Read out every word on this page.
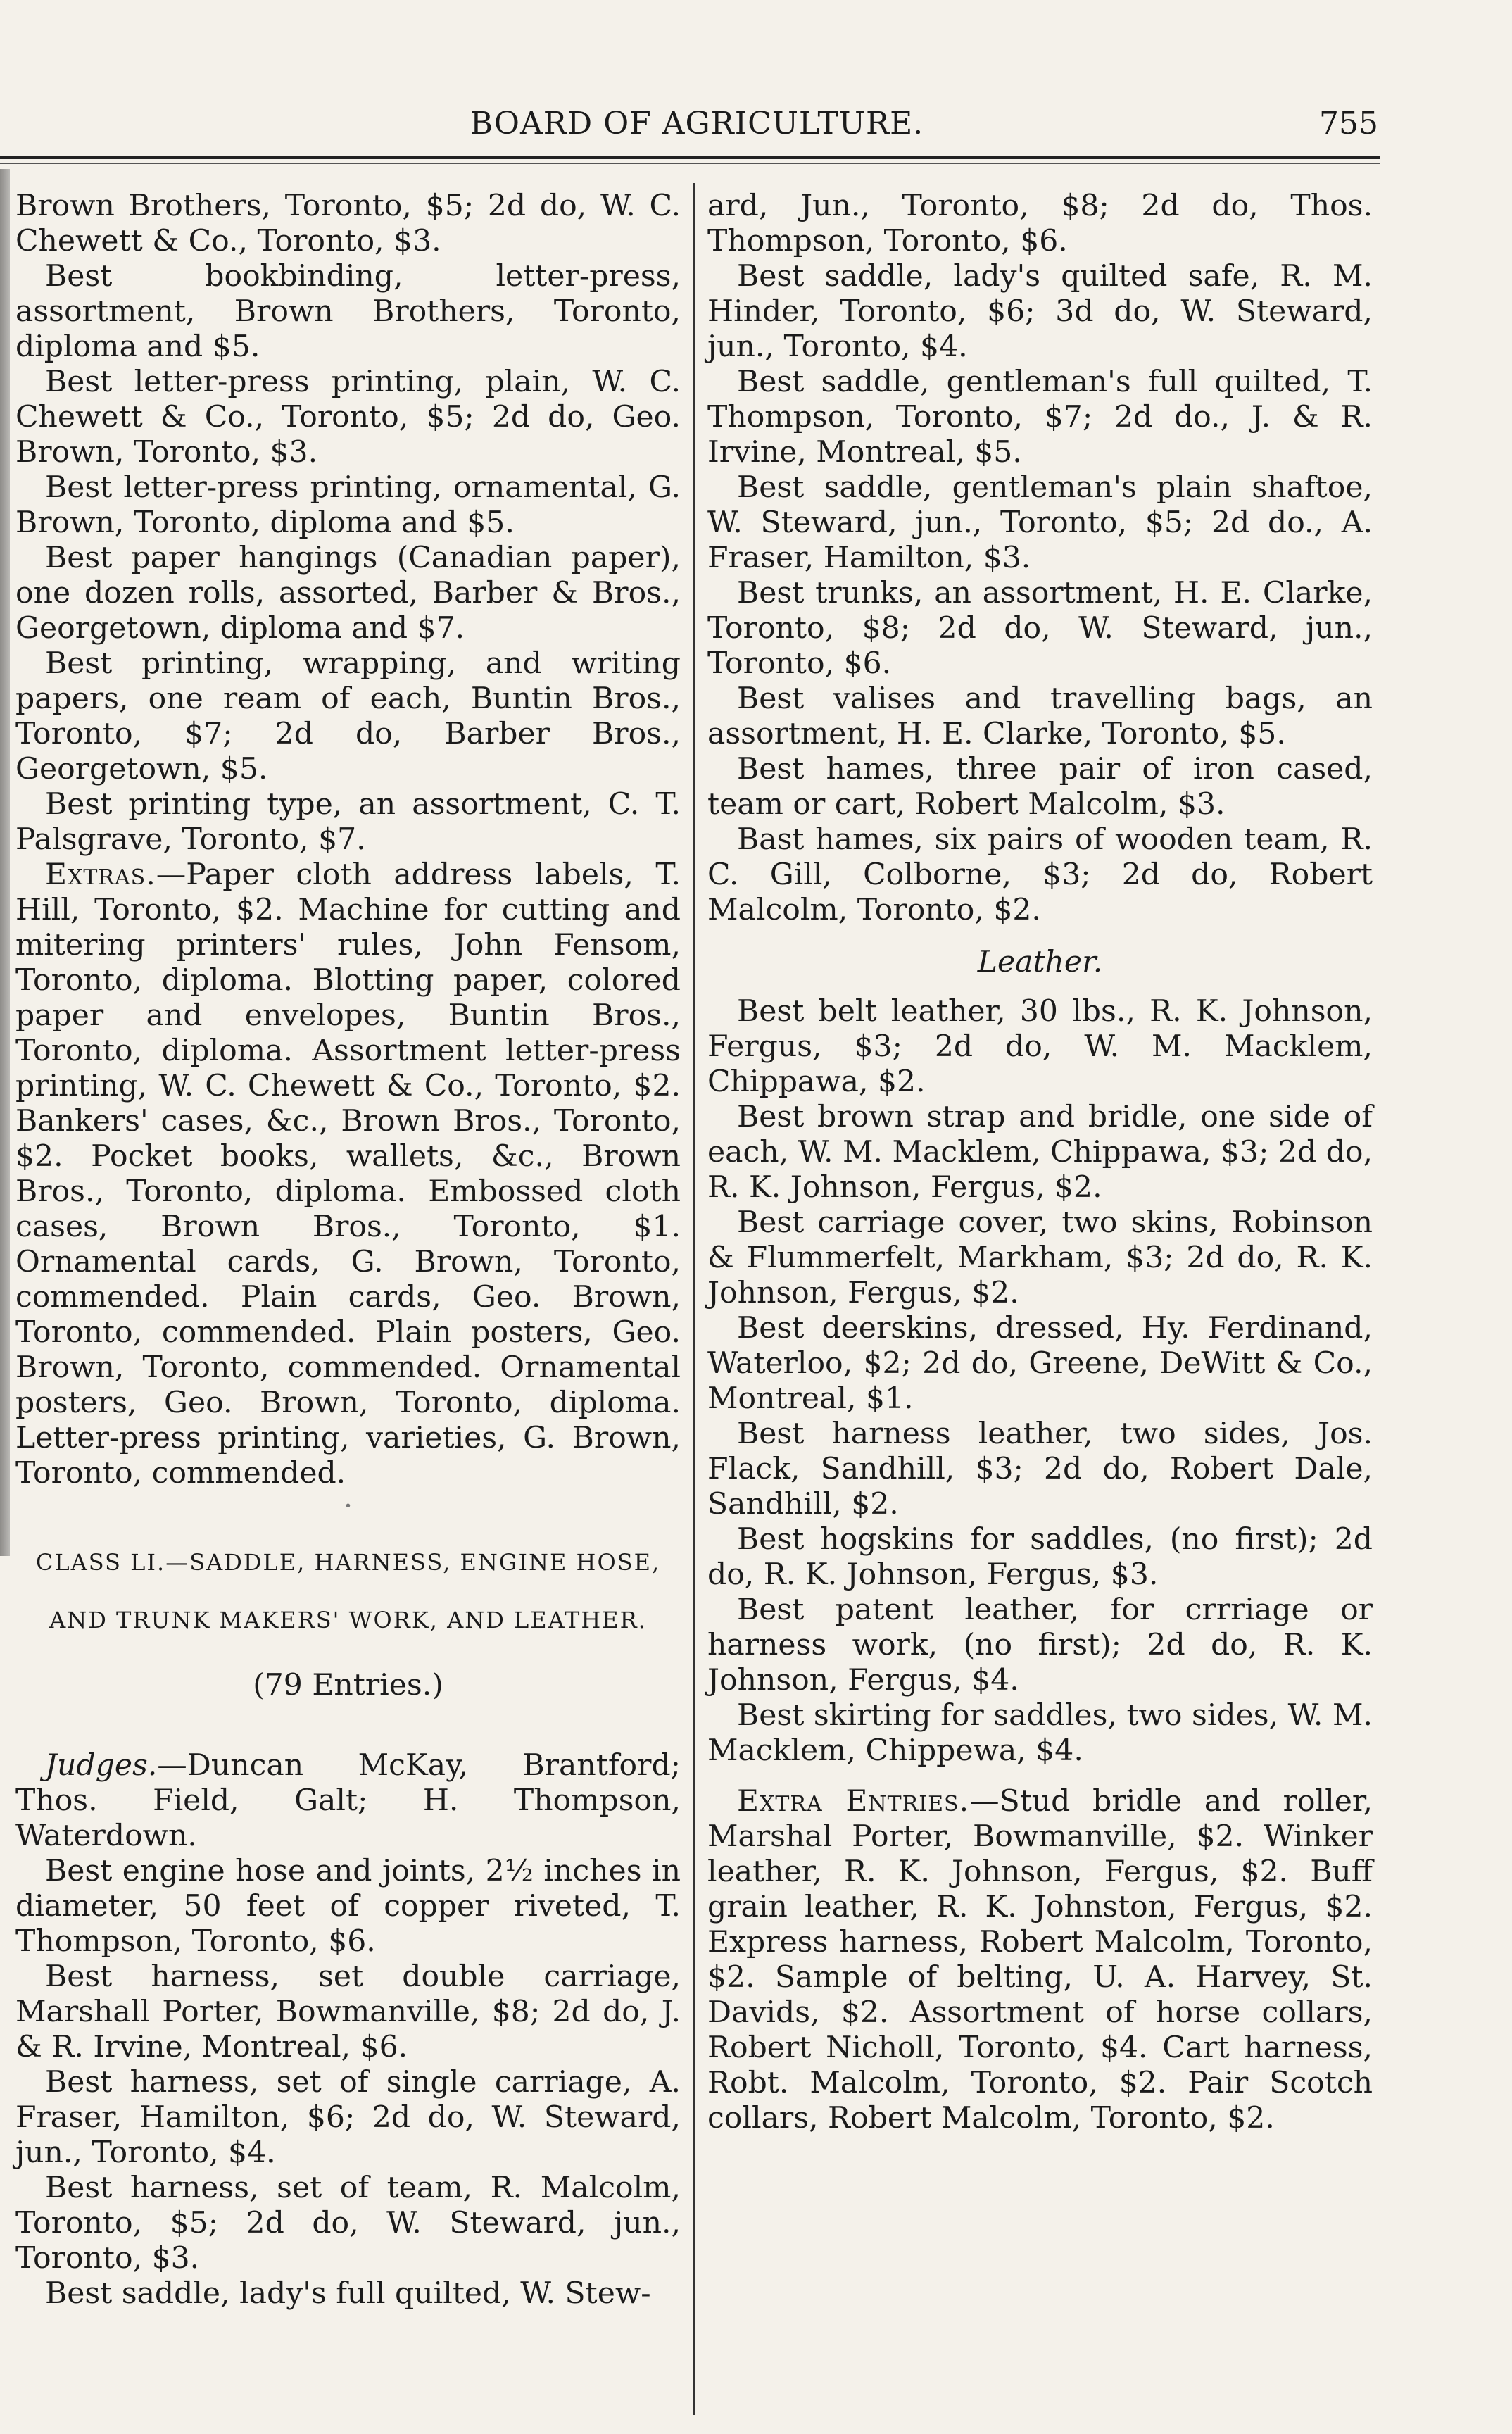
BOARD OF AGRICULTURE.	755

Brown Brothers, Toronto, $5; 2d do, W. C. Chewett & Co., Toronto, $3.

Best bookbinding, letter-press, assortment, Brown Brothers, Toronto, diploma and $5.

Best letter-press printing, plain, W. C. Chewett & Co., Toronto, $5; 2d do, Geo. Brown, Toronto, $3.

Best letter-press printing, ornamental, G. Brown, Toronto, diploma and $5.

Best paper hangings (Canadian paper), one dozen rolls, assorted, Barber & Bros., Georgetown, diploma and $7.

Best printing, wrapping, and writing papers, one ream of each, Buntin Bros., Toronto, $7; 2d do, Barber Bros., Georgetown, $5.

Best printing type, an assortment, C. T. Palsgrave, Toronto, $7.

Extras.—Paper cloth address labels, T. Hill, Toronto, $2. Machine for cutting and mitering printers' rules, John Fensom, Toronto, diploma. Blotting paper, colored paper and envelopes, Buntin Bros., Toronto, diploma. Assortment letter-press printing, W. C. Chewett & Co., Toronto, $2. Bankers' cases, &c., Brown Bros., Toronto, $2. Pocket books, wallets, &c., Brown Bros., Toronto, diploma. Embossed cloth cases, Brown Bros., Toronto, $1. Ornamental cards, G. Brown, Toronto, commended. Plain cards, Geo. Brown, Toronto, commended. Plain posters, Geo. Brown, Toronto, commended. Ornamental posters, Geo. Brown, Toronto, diploma. Letter-press printing, varieties, G. Brown, Toronto, commended.

·

CLASS LI.—SADDLE, HARNESS, ENGINE HOSE,

AND TRUNK MAKERS' WORK, AND LEATHER.

(79 Entries.)

Judges.—Duncan McKay, Brantford; Thos. Field, Galt; H. Thompson, Waterdown.

Best engine hose and joints, 2½ inches in diameter, 50 feet of copper riveted, T. Thompson, Toronto, $6.

Best harness, set double carriage, Marshall Porter, Bowmanville, $8; 2d do, J. & R. Irvine, Montreal, $6.

Best harness, set of single carriage, A. Fraser, Hamilton, $6; 2d do, W. Steward, jun., Toronto, $4.

Best harness, set of team, R. Malcolm, Toronto, $5; 2d do, W. Steward, jun., Toronto, $3.

Best saddle, lady's full quilted, W. Stew-

ard, Jun., Toronto, $8; 2d do, Thos. Thompson, Toronto, $6.

Best saddle, lady's quilted safe, R. M. Hinder, Toronto, $6; 3d do, W. Steward, jun., Toronto, $4.

Best saddle, gentleman's full quilted, T. Thompson, Toronto, $7; 2d do., J. & R. Irvine, Montreal, $5.

Best saddle, gentleman's plain shaftoe, W. Steward, jun., Toronto, $5; 2d do., A. Fraser, Hamilton, $3.

Best trunks, an assortment, H. E. Clarke, Toronto, $8; 2d do, W. Steward, jun., Toronto, $6.

Best valises and travelling bags, an assortment, H. E. Clarke, Toronto, $5.

Best hames, three pair of iron cased, team or cart, Robert Malcolm, $3.

Bast hames, six pairs of wooden team, R. C. Gill, Colborne, $3; 2d do, Robert Malcolm, Toronto, $2.

Leather.

Best belt leather, 30 lbs., R. K. Johnson, Fergus, $3; 2d do, W. M. Macklem, Chippawa, $2.

Best brown strap and bridle, one side of each, W. M. Macklem, Chippawa, $3; 2d do, R. K. Johnson, Fergus, $2.

Best carriage cover, two skins, Robinson & Flummerfelt, Markham, $3; 2d do, R. K. Johnson, Fergus, $2.

Best deerskins, dressed, Hy. Ferdinand, Waterloo, $2; 2d do, Greene, DeWitt & Co., Montreal, $1.

Best harness leather, two sides, Jos. Flack, Sandhill, $3; 2d do, Robert Dale, Sandhill, $2.

Best hogskins for saddles, (no first); 2d do, R. K. Johnson, Fergus, $3.

Best patent leather, for crrriage or harness work, (no first); 2d do, R. K. Johnson, Fergus, $4.

Best skirting for saddles, two sides, W. M. Macklem, Chippewa, $4.

Extra Entries.—Stud bridle and roller, Marshal Porter, Bowmanville, $2. Winker leather, R. K. Johnson, Fergus, $2. Buff grain leather, R. K. Johnston, Fergus, $2. Express harness, Robert Malcolm, Toronto, $2. Sample of belting, U. A. Harvey, St. Davids, $2. Assortment of horse collars, Robert Nicholl, Toronto, $4. Cart harness, Robt. Malcolm, Toronto, $2. Pair Scotch collars, Robert Malcolm, Toronto, $2.
